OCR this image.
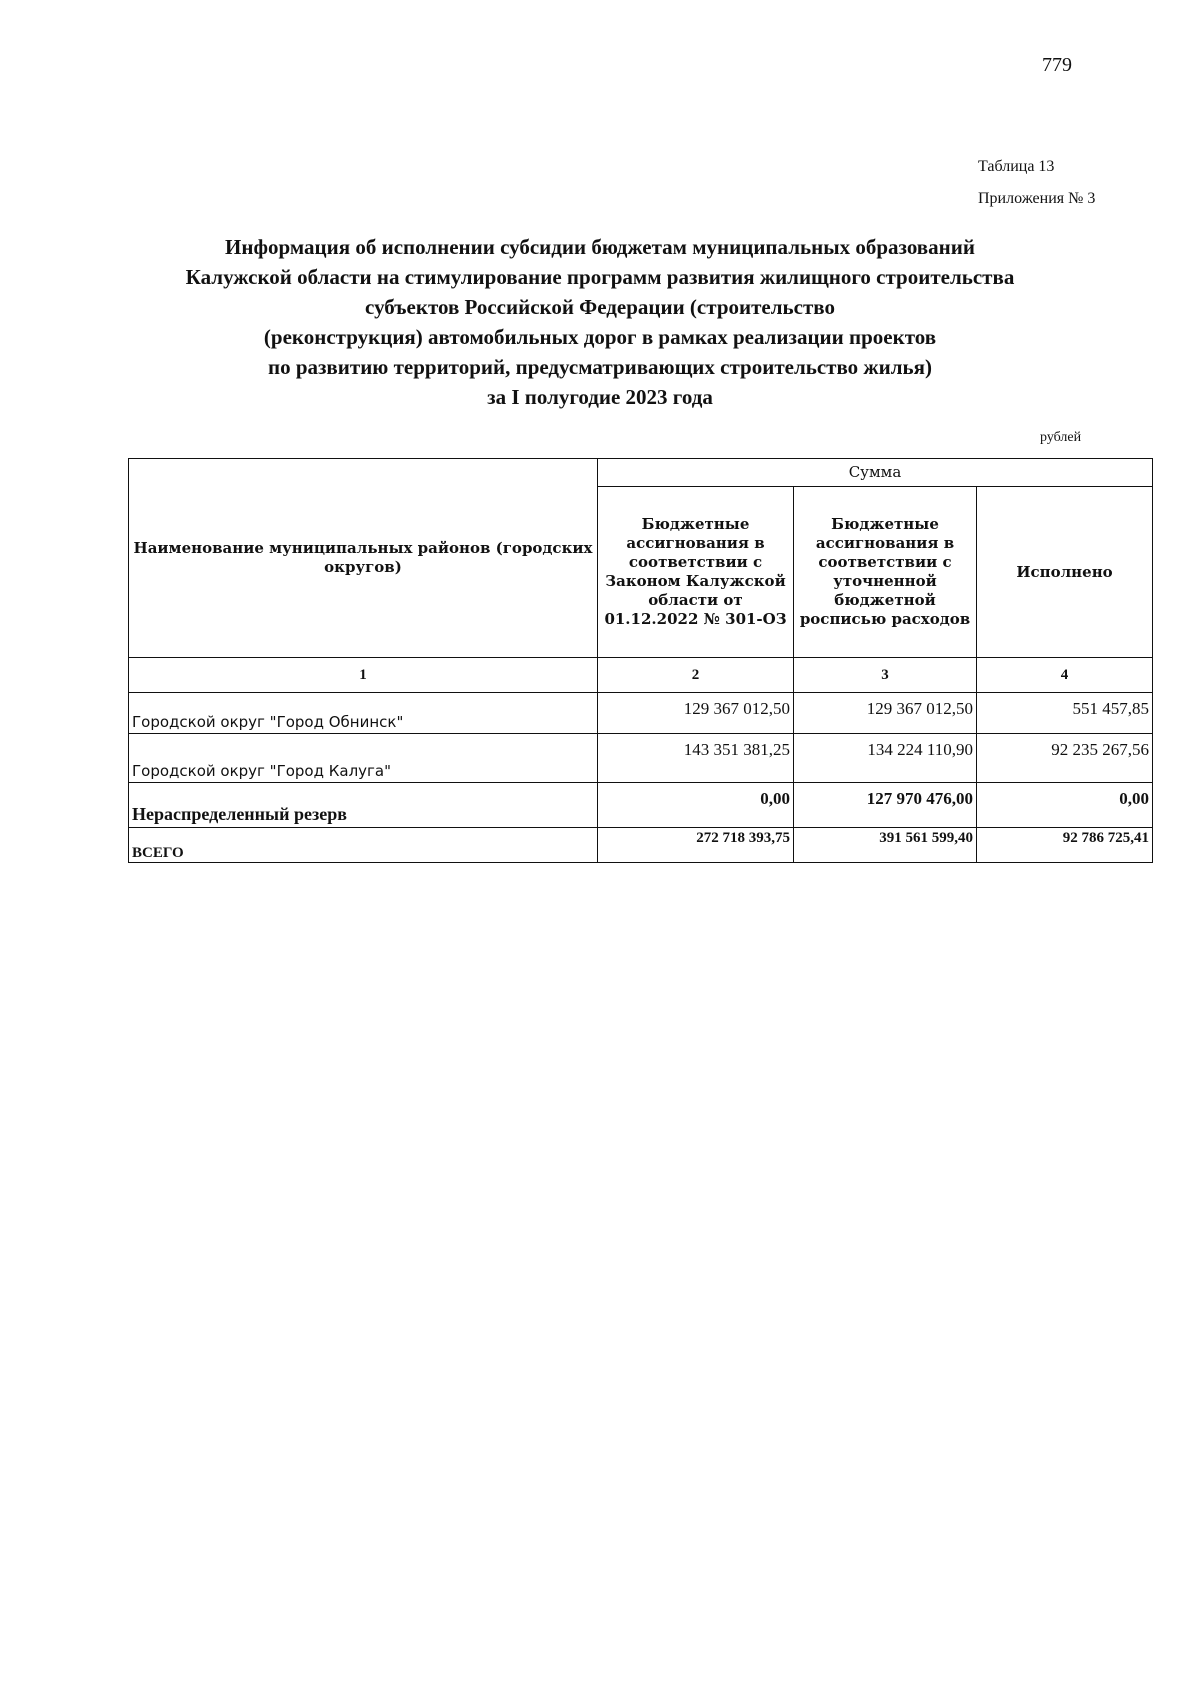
779
Таблица 13
Приложения № 3
Информация об исполнении субсидии бюджетам муниципальных образований
Калужской области на стимулирование программ развития жилищного строительства
субъектов Российской Федерации (строительство
(реконструкция) автомобильных дорог в рамках реализации проектов
по развитию территорий, предусматривающих строительство жилья)
за I полугодие 2023 года
рублей
Наименование муниципальных районов (городских округов)	Сумма		
	Бюджетные ассигнования в соответствии с Законом Калужской области от 01.12.2022 № 301-ОЗ	Бюджетные ассигнования в соответствии с уточненной бюджетной росписью расходов	Исполнено
1	2	3	4
Городской округ "Город Обнинск"	129 367 012,50	129 367 012,50	551 457,85
Городской округ "Город Калуга"	143 351 381,25	134 224 110,90	92 235 267,56
Нераспределенный резерв	0,00	127 970 476,00	0,00
ВСЕГО	272 718 393,75	391 561 599,40	92 786 725,41
